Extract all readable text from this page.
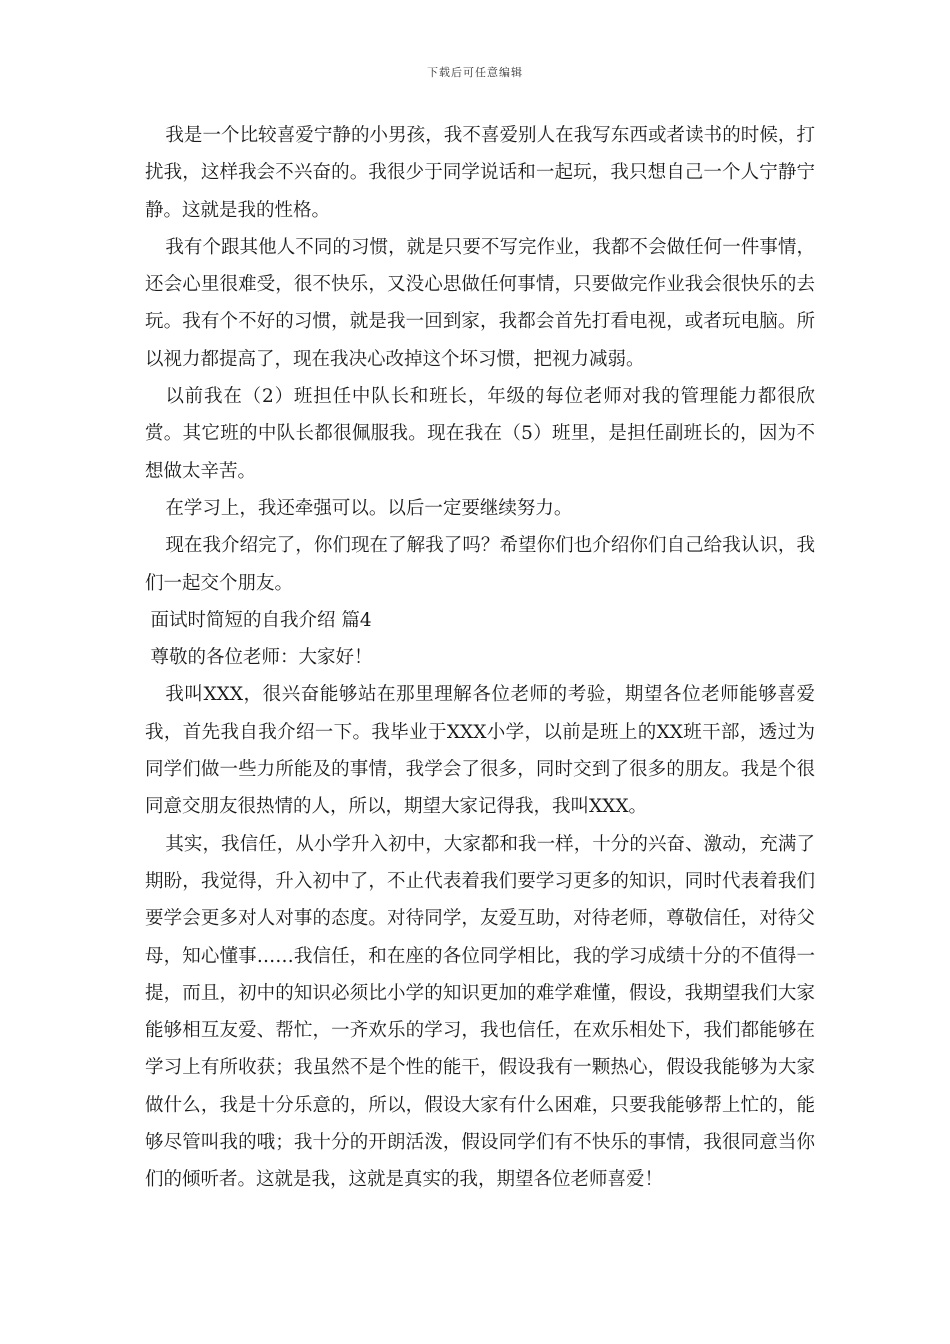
下载后可任意编辑

我是一个比较喜爱宁静的小男孩，我不喜爱别人在我写东西或者读书的时候，打扰我，这样我会不兴奋的。我很少于同学说话和一起玩，我只想自己一个人宁静宁静。这就是我的性格。

我有个跟其他人不同的习惯，就是只要不写完作业，我都不会做任何一件事情，还会心里很难受，很不快乐，又没心思做任何事情，只要做完作业我会很快乐的去玩。我有个不好的习惯，就是我一回到家，我都会首先打看电视，或者玩电脑。所以视力都提高了，现在我决心改掉这个坏习惯，把视力减弱。

以前我在（2）班担任中队长和班长，年级的每位老师对我的管理能力都很欣赏。其它班的中队长都很佩服我。现在我在（5）班里，是担任副班长的，因为不想做太辛苦。

在学习上，我还牵强可以。以后一定要继续努力。

现在我介绍完了，你们现在了解我了吗？希望你们也介绍你们自己给我认识，我们一起交个朋友。

面试时简短的自我介绍 篇4

尊敬的各位老师：大家好！

我叫XXX，很兴奋能够站在那里理解各位老师的考验，期望各位老师能够喜爱我，首先我自我介绍一下。我毕业于XXX小学，以前是班上的XX班干部，透过为同学们做一些力所能及的事情，我学会了很多，同时交到了很多的朋友。我是个很同意交朋友很热情的人，所以，期望大家记得我，我叫XXX。

其实，我信任，从小学升入初中，大家都和我一样，十分的兴奋、激动，充满了期盼，我觉得，升入初中了，不止代表着我们要学习更多的知识，同时代表着我们要学会更多对人对事的态度。对待同学，友爱互助，对待老师，尊敬信任，对待父母，知心懂事……我信任，和在座的各位同学相比，我的学习成绩十分的不值得一提，而且，初中的知识必须比小学的知识更加的难学难懂，假设，我期望我们大家能够相互友爱、帮忙，一齐欢乐的学习，我也信任，在欢乐相处下，我们都能够在学习上有所收获；我虽然不是个性的能干，假设我有一颗热心，假设我能够为大家做什么，我是十分乐意的，所以，假设大家有什么困难，只要我能够帮上忙的，能够尽管叫我的哦；我十分的开朗活泼，假设同学们有不快乐的事情，我很同意当你们的倾听者。这就是我，这就是真实的我，期望各位老师喜爱！
